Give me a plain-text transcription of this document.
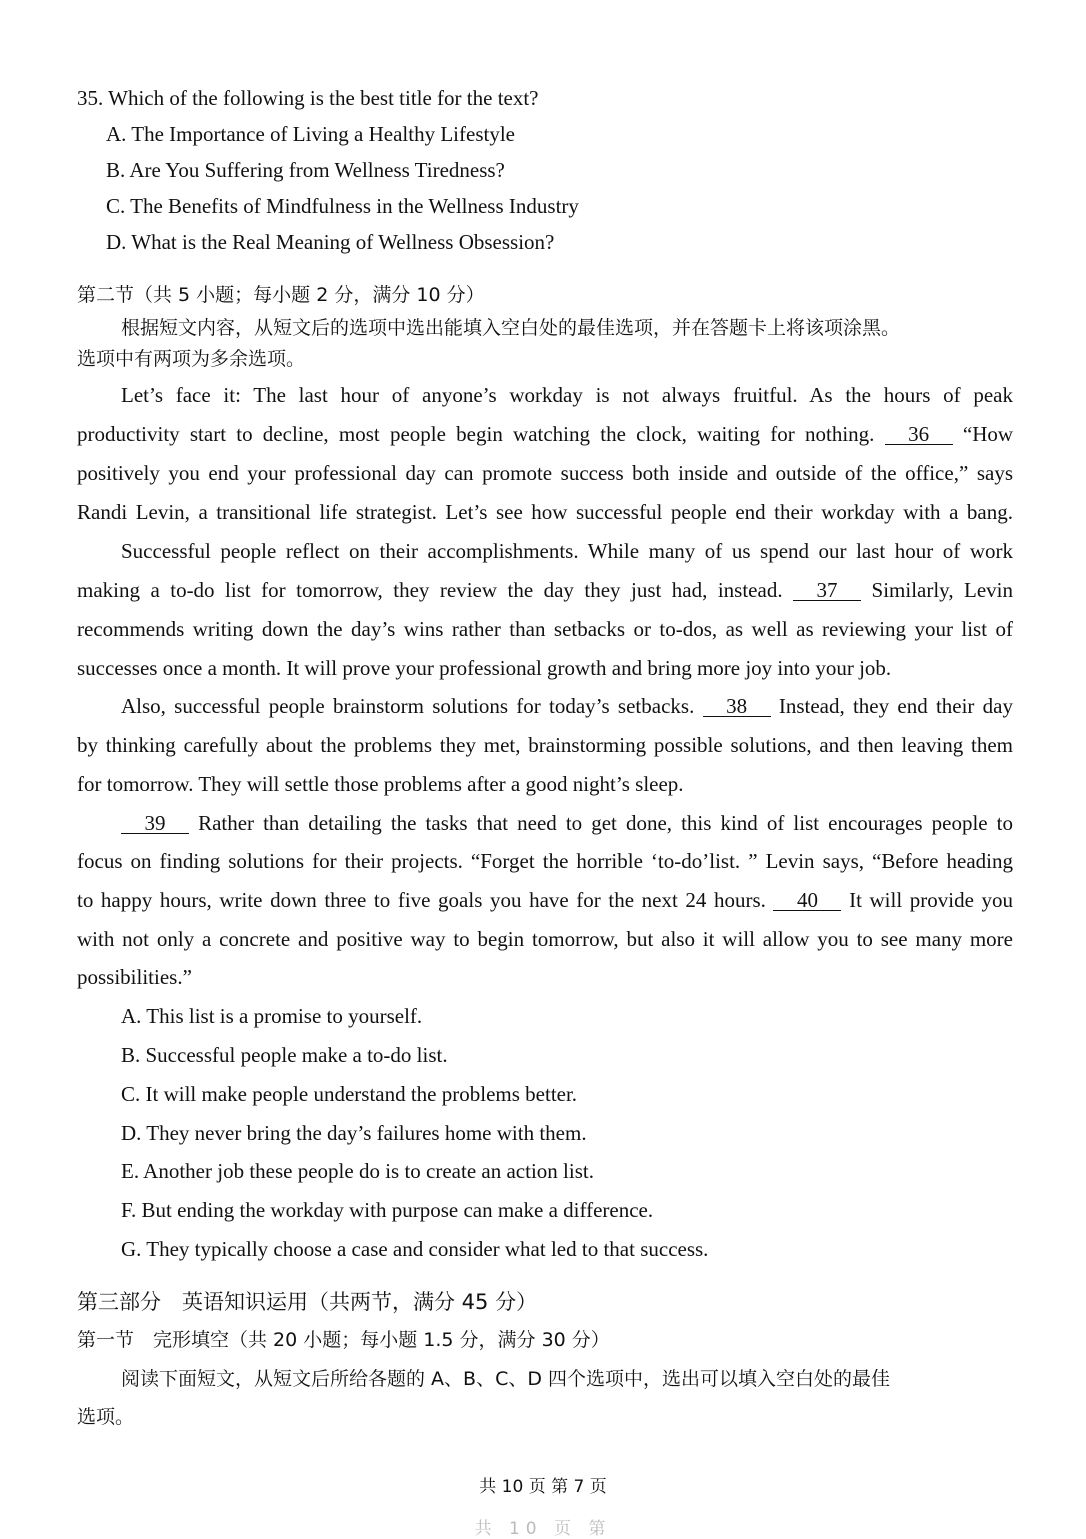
35. Which of the following is the best title for the text?
A. The Importance of Living a Healthy Lifestyle
B. Are You Suffering from Wellness Tiredness?
C. The Benefits of Mindfulness in the Wellness Industry
D. What is the Real Meaning of Wellness Obsession?
第二节（共 5 小题；每小题 2 分，满分 10 分）
根据短文内容，从短文后的选项中选出能填入空白处的最佳选项，并在答题卡上将该项涂黑。
选项中有两项为多余选项。
Let’s face it: The last hour of anyone’s workday is not always fruitful. As the hours of peak
productivity start to decline, most people begin watching the clock, waiting for nothing. 36 “How
positively you end your professional day can promote success both inside and outside of the office,” says
Randi Levin, a transitional life strategist. Let’s see how successful people end their workday with a bang.
Successful people reflect on their accomplishments. While many of us spend our last hour of work
making a to-do list for tomorrow, they review the day they just had, instead. 37 Similarly, Levin
recommends writing down the day’s wins rather than setbacks or to-dos, as well as reviewing your list of
successes once a month. It will prove your professional growth and bring more joy into your job.
Also, successful people brainstorm solutions for today’s setbacks. 38 Instead, they end their day
by thinking carefully about the problems they met, brainstorming possible solutions, and then leaving them
for tomorrow. They will settle those problems after a good night’s sleep.
39 Rather than detailing the tasks that need to get done, this kind of list encourages people to
focus on finding solutions for their projects. “Forget the horrible ‘to-do’list. ” Levin says, “Before heading
to happy hours, write down three to five goals you have for the next 24 hours. 40 It will provide you
with not only a concrete and positive way to begin tomorrow, but also it will allow you to see many more
possibilities.”
A. This list is a promise to yourself.
B. Successful people make a to-do list.
C. It will make people understand the problems better.
D. They never bring the day’s failures home with them.
E. Another job these people do is to create an action list.
F. But ending the workday with purpose can make a difference.
G. They typically choose a case and consider what led to that success.
第三部分　英语知识运用（共两节，满分 45 分）
第一节　完形填空（共 20 小题；每小题 1.5 分，满分 30 分）
阅读下面短文，从短文后所给各题的 A、B、C、D 四个选项中，选出可以填入空白处的最佳
选项。
共 10 页 第 7 页
共 10 页 第
